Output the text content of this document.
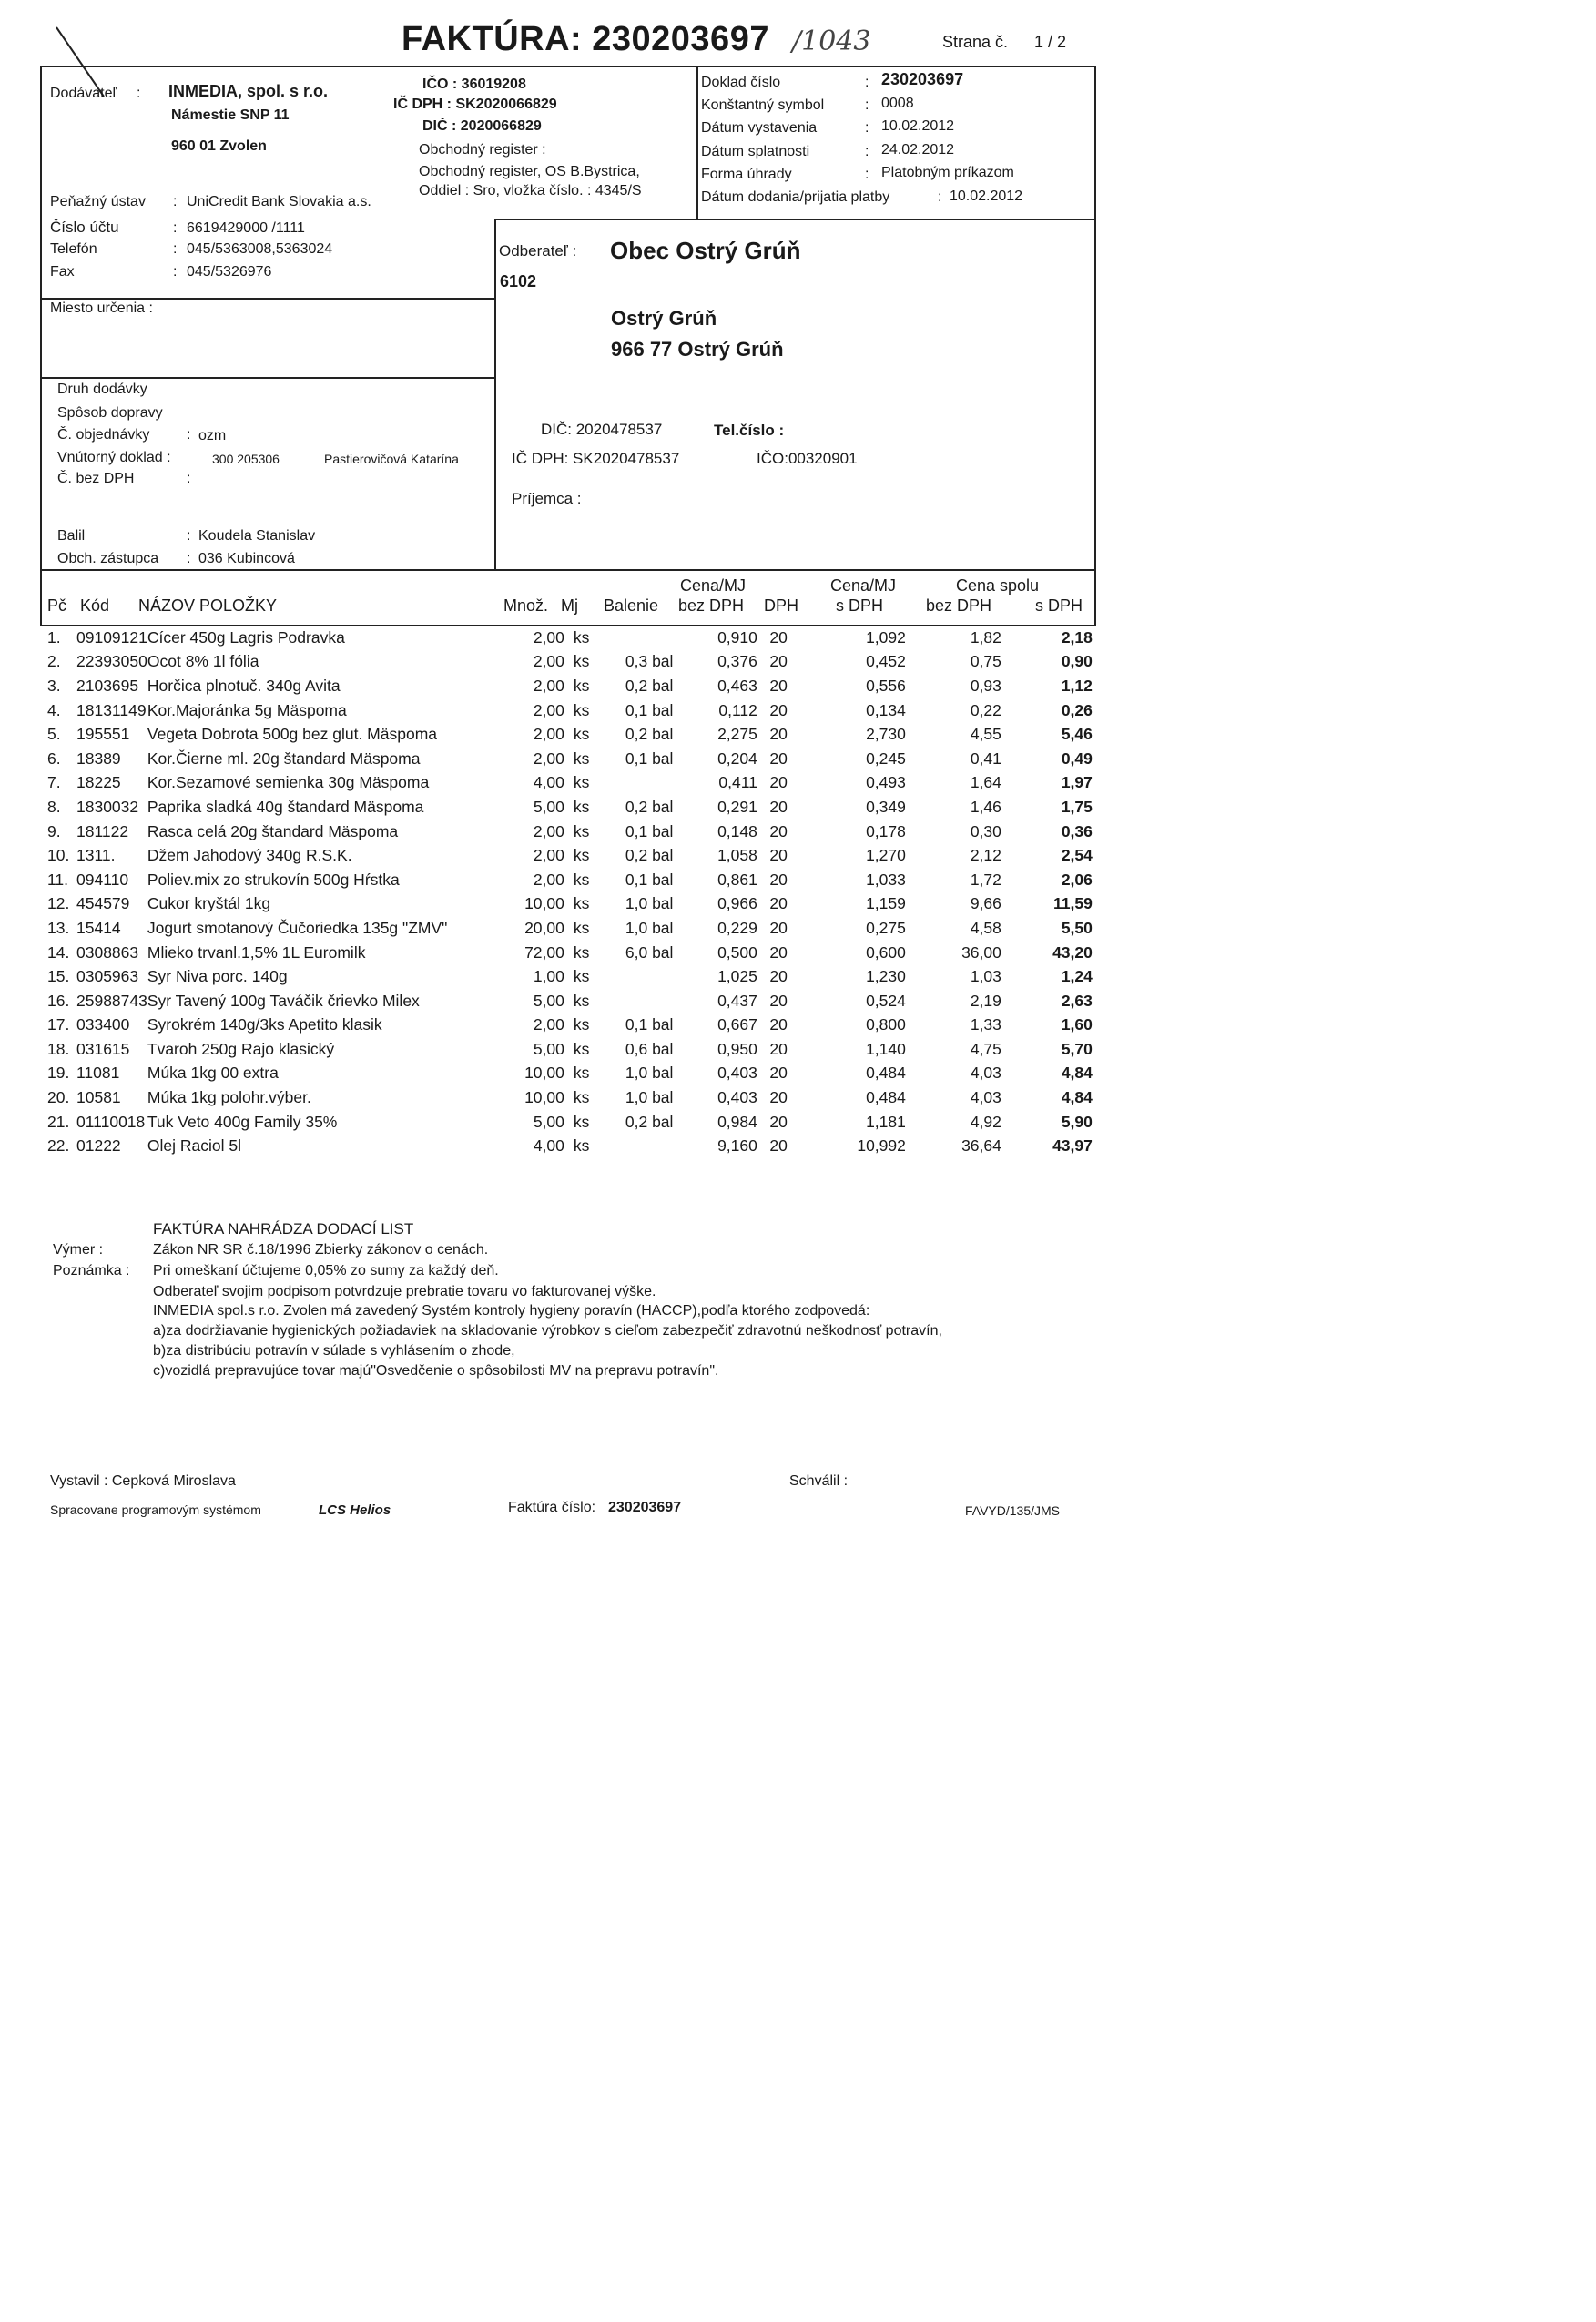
FAKTÚRA: 230203697 /1043	Strana č. 1 / 2
Dodávateľ : INMEDIA, spol. s r.o.
Námestie SNP 11
960 01 Zvolen
IČO : 36019208
IČ DPH : SK2020066829
DIČ : 2020066829
Obchodný register :
Obchodný register, OS B.Bystrica,
Oddiel : Sro, vložka číslo. : 4345/S
Peňažný ústav : UniCredit Bank Slovakia a.s.
Číslo účtu	: 6619429000 /1111
Telefón	: 045/5363008,5363024
Fax	: 045/5326976
Doklad číslo	: 230203697
Konštantný symbol	: 0008
Dátum vystavenia	: 10.02.2012
Dátum splatnosti	: 24.02.2012
Forma úhrady	: Platobným príkazom
Dátum dodania/prijatia platby	: 10.02.2012
Miesto určenia :
Odberateľ : Obec Ostrý Grúň
6102
Ostrý Grúň
966 77 Ostrý Grúň
DIČ: 2020478537	Tel.číslo :
IČ DPH: SK2020478537	IČO:00320901
Príjemca :
Druh dodávky
Spôsob dopravy
Č. objednávky	: ozm
Vnútorný doklad :	300 205306	Pastierovičová Katarína
Č. bez DPH	:
Balil	: Koudela Stanislav
Obch. zástupca : 036 Kubincová
Pč Kód NÁZOV POLOŽKY	Množ. Mj Balenie
Cena/MJ
bez DPH DPH
Cena/MJ
s DPH
Cena spolu
bez DPH	s DPH
1.	09109121	Cícer 450g Lagris Podravka	2,00	ks		0,910	20	1,092	1,82	2,18
2.	22393050	Ocot 8% 1l fólia	2,00	ks	0,3 bal	0,376	20	0,452	0,75	0,90
3.	2103695	Horčica plnotuč. 340g Avita	2,00	ks	0,2 bal	0,463	20	0,556	0,93	1,12
4.	18131149	Kor.Majoránka 5g Mäspoma	2,00	ks	0,1 bal	0,112	20	0,134	0,22	0,26
5.	195551	Vegeta Dobrota 500g bez glut. Mäspoma	2,00	ks	0,2 bal	2,275	20	2,730	4,55	5,46
6.	18389	Kor.Čierne ml. 20g štandard Mäspoma	2,00	ks	0,1 bal	0,204	20	0,245	0,41	0,49
7.	18225	Kor.Sezamové semienka 30g Mäspoma	4,00	ks		0,411	20	0,493	1,64	1,97
8.	1830032	Paprika sladká 40g štandard Mäspoma	5,00	ks	0,2 bal	0,291	20	0,349	1,46	1,75
9.	181122	Rasca celá 20g štandard Mäspoma	2,00	ks	0,1 bal	0,148	20	0,178	0,30	0,36
10.	1311.	Džem Jahodový 340g R.S.K.	2,00	ks	0,2 bal	1,058	20	1,270	2,12	2,54
11.	094110	Poliev.mix zo strukovín 500g Hŕstka	2,00	ks	0,1 bal	0,861	20	1,033	1,72	2,06
12.	454579	Cukor kryštál 1kg	10,00	ks	1,0 bal	0,966	20	1,159	9,66	11,59
13.	15414	Jogurt smotanový Čučoriedka 135g "ZMV"	20,00	ks	1,0 bal	0,229	20	0,275	4,58	5,50
14.	0308863	Mlieko trvanl.1,5% 1L Euromilk	72,00	ks	6,0 bal	0,500	20	0,600	36,00	43,20
15.	0305963	Syr Niva porc. 140g	1,00	ks		1,025	20	1,230	1,03	1,24
16.	25988743	Syr Tavený 100g Taváčik črievko Milex	5,00	ks		0,437	20	0,524	2,19	2,63
17.	033400	Syrokrém 140g/3ks Apetito klasik	2,00	ks	0,1 bal	0,667	20	0,800	1,33	1,60
18.	031615	Tvaroh 250g Rajo klasický	5,00	ks	0,6 bal	0,950	20	1,140	4,75	5,70
19.	11081	Múka 1kg 00 extra	10,00	ks	1,0 bal	0,403	20	0,484	4,03	4,84
20.	10581	Múka 1kg polohr.výber.	10,00	ks	1,0 bal	0,403	20	0,484	4,03	4,84
21.	01110018	Tuk Veto 400g Family 35%	5,00	ks	0,2 bal	0,984	20	1,181	4,92	5,90
22.	01222	Olej Raciol 5l	4,00	ks		9,160	20	10,992	36,64	43,97
FAKTÚRA NAHRÁDZA DODACÍ LIST
Výmer :	Zákon NR SR č.18/1996 Zbierky zákonov o cenách.
Poznámka : Pri omeškaní účtujeme 0,05% zo sumy za každý deň.
Odberateľ svojim podpisom potvrdzuje prebratie tovaru vo fakturovanej výške.
INMEDIA spol.s r.o. Zvolen má zavedený Systém kontroly hygieny poravín (HACCP),podľa ktorého zodpovedá:
a)za dodržiavanie hygienických požiadaviek na skladovanie výrobkov s cieľom zabezpečiť zdravotnú neškodnosť potravín,
b)za distribúciu potravín v súlade s vyhlásením o zhode,
c)vozidlá prepravujúce tovar majú"Osvedčenie o spôsobilosti MV na prepravu potravín".
Vystavil : Cepková Miroslava	Schválil :
Spracovane programovým systémom	LCS Helios	Faktúra číslo: 230203697	FAVYD/135/JMS
